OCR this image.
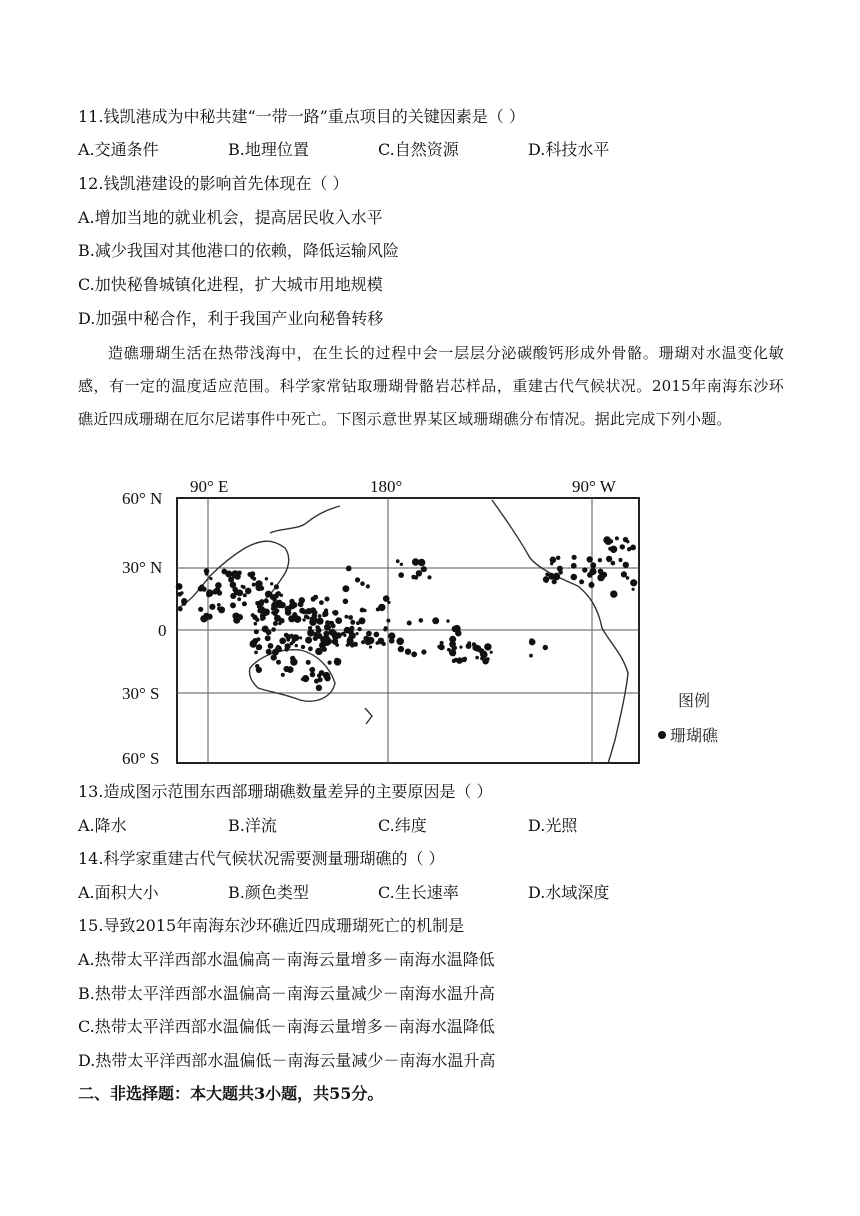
11.钱凯港成为中秘共建“一带一路”重点项目的关键因素是（ ）
A.交通条件	B.地理位置	C.自然资源	D.科技水平
12.钱凯港建设的影响首先体现在（ ）
A.增加当地的就业机会，提高居民收入水平
B.减少我国对其他港口的依赖，降低运输风险
C.加快秘鲁城镇化进程，扩大城市用地规模
D.加强中秘合作，利于我国产业向秘鲁转移
造礁珊瑚生活在热带浅海中，在生长的过程中会一层层分泌碳酸钙形成外骨骼。珊瑚对水温变化敏感，有一定的温度适应范围。科学家常钻取珊瑚骨骼岩芯样品，重建古代气候状况。2015年南海东沙环礁近四成珊瑚在厄尔尼诺事件中死亡。下图示意世界某区域珊瑚礁分布情况。据此完成下列小题。
60° N
30° N
0
30° S
60° S
90° E	180°	90° W
图例
珊瑚礁
13.造成图示范围东西部珊瑚礁数量差异的主要原因是（ ）
A.降水	B.洋流	C.纬度	D.光照
14.科学家重建古代气候状况需要测量珊瑚礁的（ ）
A.面积大小	B.颜色类型	C.生长速率	D.水域深度
15.导致2015年南海东沙环礁近四成珊瑚死亡的机制是
A.热带太平洋西部水温偏高－南海云量增多－南海水温降低
B.热带太平洋西部水温偏高－南海云量减少－南海水温升高
C.热带太平洋西部水温偏低－南海云量增多－南海水温降低
D.热带太平洋西部水温偏低－南海云量减少－南海水温升高
二、非选择题：本大题共3小题，共55分。
